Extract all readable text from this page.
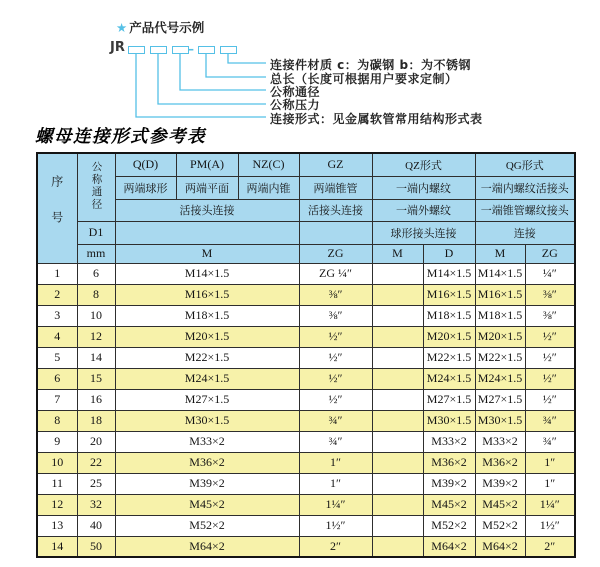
★ 产品代号示例
JR	–
连接件材质 c：为碳钢 b：为不锈钢
总长（长度可根据用户要求定制）
公称通径
公称压力
连接形式：见金属软管常用结构形式表
螺母连接形式参考表
序号	公称通径	Q(D)	PM(A)	NZ(C)	GZ	QZ形式		QG形式	
		两端球形	两端平面	两端内锥	两端锥管	一端内螺纹		一端内螺纹活接头	
		活接头连接			活接头连接	一端外螺纹		一端锥管螺纹接头	
	D1					球形接头连接		连接	
	mm	M			ZG	M	D	M	ZG
1	6	M14×1.5			ZG ¼″		M14×1.5	M14×1.5	¼″
2	8	M16×1.5			⅜″		M16×1.5	M16×1.5	⅜″
3	10	M18×1.5			⅜″		M18×1.5	M18×1.5	⅜″
4	12	M20×1.5			½″		M20×1.5	M20×1.5	½″
5	14	M22×1.5			½″		M22×1.5	M22×1.5	½″
6	15	M24×1.5			½″		M24×1.5	M24×1.5	½″
7	16	M27×1.5			½″		M27×1.5	M27×1.5	½″
8	18	M30×1.5			¾″		M30×1.5	M30×1.5	¾″
9	20	M33×2			¾″		M33×2	M33×2	¾″
10	22	M36×2			1″		M36×2	M36×2	1″
11	25	M39×2			1″		M39×2	M39×2	1″
12	32	M45×2			1¼″		M45×2	M45×2	1¼″
13	40	M52×2			1½″		M52×2	M52×2	1½″
14	50	M64×2			2″		M64×2	M64×2	2″
